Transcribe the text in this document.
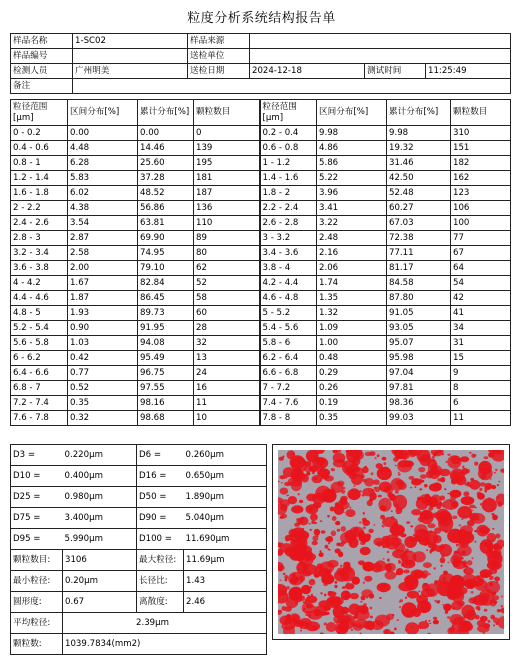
粒度分析系统结构报告单
样品名称	1-SC02	样品来源			
样品编号		送检单位			
检测人员	广州明美	送检日期	2024-12-18	测试时间	11:25:49
备注					
粒径范围[μm]	区间分布[%]	累计分布[%]	颗粒数目	粒径范围[μm]	区间分布[%]	累计分布[%]	颗粒数目
0 - 0.2	0.00	0.00	0	0.2 - 0.4	9.98	9.98	310
0.4 - 0.6	4.48	14.46	139	0.6 - 0.8	4.86	19.32	151
0.8 - 1	6.28	25.60	195	1 - 1.2	5.86	31.46	182
1.2 - 1.4	5.83	37.28	181	1.4 - 1.6	5.22	42.50	162
1.6 - 1.8	6.02	48.52	187	1.8 - 2	3.96	52.48	123
2 - 2.2	4.38	56.86	136	2.2 - 2.4	3.41	60.27	106
2.4 - 2.6	3.54	63.81	110	2.6 - 2.8	3.22	67.03	100
2.8 - 3	2.87	69.90	89	3 - 3.2	2.48	72.38	77
3.2 - 3.4	2.58	74.95	80	3.4 - 3.6	2.16	77.11	67
3.6 - 3.8	2.00	79.10	62	3.8 - 4	2.06	81.17	64
4 - 4.2	1.67	82.84	52	4.2 - 4.4	1.74	84.58	54
4.4 - 4.6	1.87	86.45	58	4.6 - 4.8	1.35	87.80	42
4.8 - 5	1.93	89.73	60	5 - 5.2	1.32	91.05	41
5.2 - 5.4	0.90	91.95	28	5.4 - 5.6	1.09	93.05	34
5.6 - 5.8	1.03	94.08	32	5.8 - 6	1.00	95.07	31
6 - 6.2	0.42	95.49	13	6.2 - 6.4	0.48	95.98	15
6.4 - 6.6	0.77	96.75	24	6.6 - 6.8	0.29	97.04	9
6.8 - 7	0.52	97.55	16	7 - 7.2	0.26	97.81	8
7.2 - 7.4	0.35	98.16	11	7.4 - 7.6	0.19	98.36	6
7.6 - 7.8	0.32	98.68	10	7.8 - 8	0.35	99.03	11
D3 =	0.220μm	D6 =	0.260μm
D10 =	0.400μm	D16 =	0.650μm
D25 =	0.980μm	D50 =	1.890μm
D75 =	3.400μm	D90 =	5.040μm
D95 =	5.990μm	D100 =	11.690μm
颗粒数目:	3106	最大粒径:	11.69μm
最小粒径:	0.20μm	长径比:	1.43
圆形度:	0.67	离散度:	2.46
平均粒径:	2.39μm		
颗粒数:	1039.7834(mm2)		
